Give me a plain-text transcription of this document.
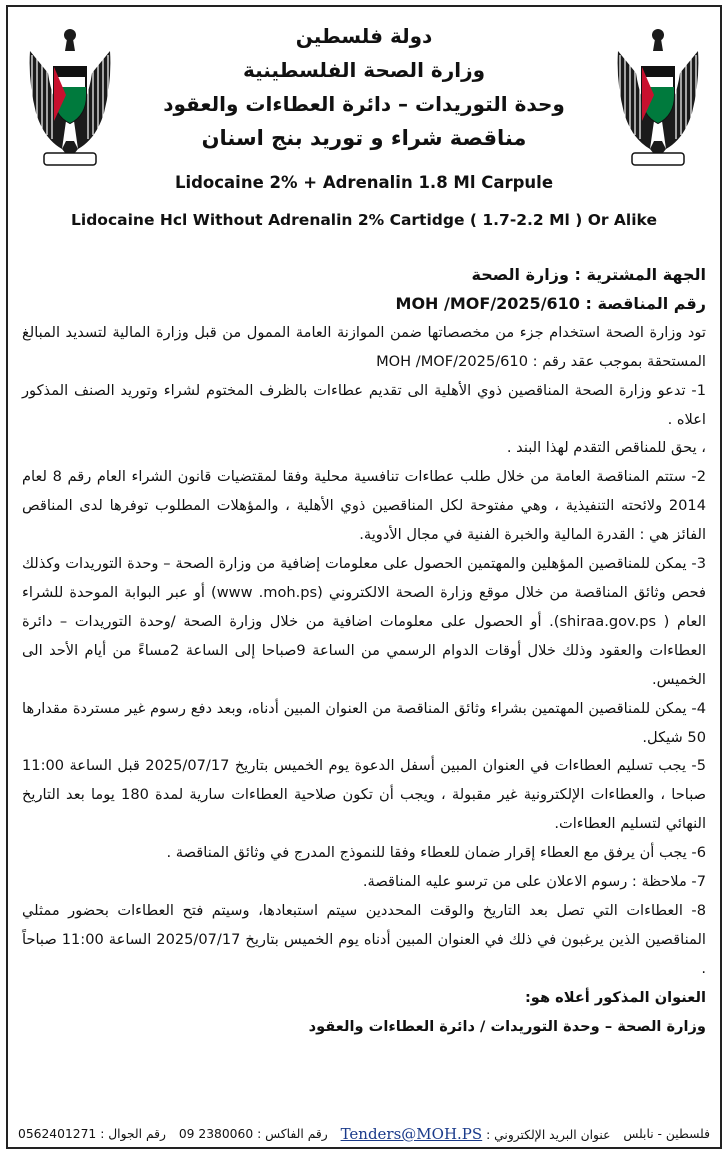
دولة فلسطين
وزارة الصحة الفلسطينية
وحدة التوريدات – دائرة العطاءات والعقود
مناقصة شراء و توريد بنج اسنان
Lidocaine 2% + Adrenalin 1.8 Ml Carpule
Lidocaine Hcl Without Adrenalin 2% Cartidge ( 1.7-2.2 Ml ) Or Alike

الجهة المشترية : وزارة الصحة

رقم المناقصة : MOH /MOF/2025/610

تود وزارة الصحة استخدام جزء من مخصصاتها ضمن الموازنة العامة الممول من قبل وزارة المالية لتسديد المبالغ المستحقة بموجب عقد رقم : MOH /MOF/2025/610

1- تدعو وزارة الصحة المناقصين ذوي الأهلية الى تقديم عطاءات بالظرف المختوم لشراء وتوريد الصنف المذكور اعلاه .

، يحق للمناقص التقدم لهذا البند .

2- ستتم المناقصة العامة من خلال طلب عطاءات تنافسية محلية وفقا لمقتضيات قانون الشراء العام رقم 8 لعام 2014 ولائحته التنفيذية ، وهي مفتوحة لكل المناقصين ذوي الأهلية ، والمؤهلات المطلوب توفرها لدى المناقص الفائز هي : القدرة المالية والخبرة الفنية في مجال الأدوية.

3- يمكن للمناقصين المؤهلين والمهتمين الحصول على معلومات إضافية من وزارة الصحة – وحدة التوريدات وكذلك فحص وثائق المناقصة من خلال موقع وزارة الصحة الالكتروني (www .moh.ps) أو عبر البوابة الموحدة للشراء العام ( shiraa.gov.ps). أو الحصول على معلومات اضافية من خلال وزارة الصحة /وحدة التوريدات – دائرة العطاءات والعقود وذلك خلال أوقات الدوام الرسمي من الساعة 9صباحا إلى الساعة 2مساءً من أيام الأحد الى الخميس.

4- يمكن للمناقصين المهتمين بشراء وثائق المناقصة من العنوان المبين أدناه، وبعد دفع رسوم غير مستردة مقدارها 50 شيكل.

5- يجب تسليم العطاءات في العنوان المبين أسفل الدعوة يوم الخميس بتاريخ 2025/07/17 قبل الساعة 11:00 صباحا ، والعطاءات الإلكترونية غير مقبولة ، ويجب أن تكون صلاحية العطاءات سارية لمدة 180 يوما بعد التاريخ النهائي لتسليم العطاءات.

6- يجب أن يرفق مع العطاء إقرار ضمان للعطاء وفقا للنموذج المدرج في وثائق المناقصة .

7- ملاحظة : رسوم الاعلان على من ترسو عليه المناقصة.

8- العطاءات التي تصل بعد التاريخ والوقت المحددين سيتم استبعادها، وسيتم فتح العطاءات بحضور ممثلي المناقصين الذين يرغبون في ذلك في العنوان المبين أدناه يوم الخميس بتاريخ 2025/07/17 الساعة 11:00 صباحاً .

العنوان المذكور أعلاه هو:

وزارة الصحة – وحدة التوريدات / دائرة العطاءات والعقود

فلسطين - نابلس
عنوان البريد الإلكتروني : Tenders@MOH.PS
رقم الفاكس : 09 2380060
رقم الجوال : 0562401271
